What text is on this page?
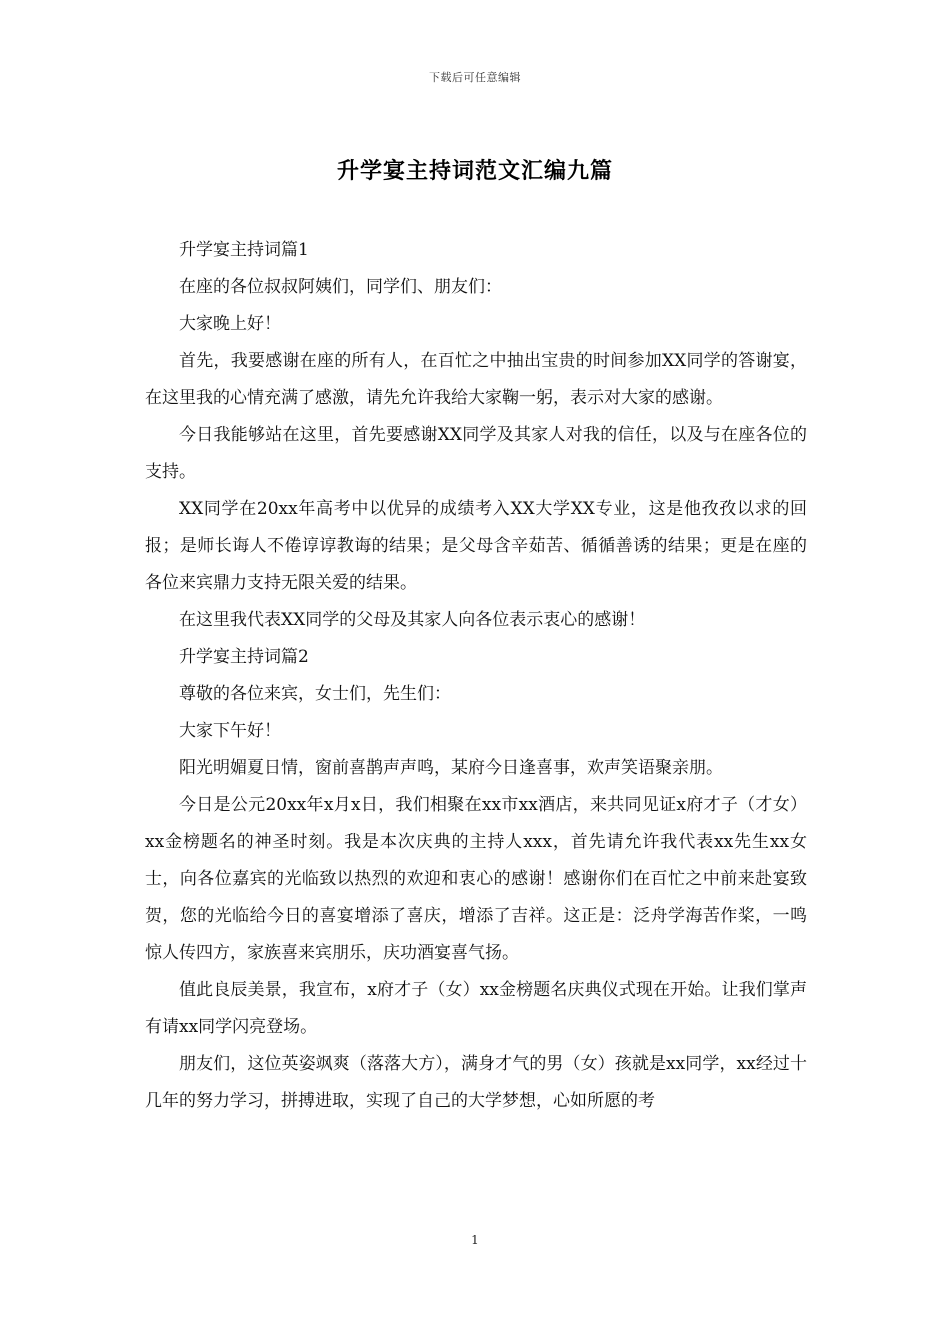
下载后可任意编辑
升学宴主持词范文汇编九篇

升学宴主持词篇1

在座的各位叔叔阿姨们，同学们、朋友们：

大家晚上好！

首先，我要感谢在座的所有人，在百忙之中抽出宝贵的时间参加XX同学的答谢宴，在这里我的心情充满了感激，请先允许我给大家鞠一躬，表示对大家的感谢。

今日我能够站在这里，首先要感谢XX同学及其家人对我的信任，以及与在座各位的支持。

XX同学在20xx年高考中以优异的成绩考入XX大学XX专业，这是他孜孜以求的回报；是师长诲人不倦谆谆教诲的结果；是父母含辛茹苦、循循善诱的结果；更是在座的各位来宾鼎力支持无限关爱的结果。

在这里我代表XX同学的父母及其家人向各位表示衷心的感谢！

升学宴主持词篇2

尊敬的各位来宾，女士们，先生们：

大家下午好！

阳光明媚夏日情，窗前喜鹊声声鸣，某府今日逢喜事，欢声笑语聚亲朋。

今日是公元20xx年x月x日，我们相聚在xx市xx酒店，来共同见证x府才子（才女）xx金榜题名的神圣时刻。我是本次庆典的主持人xxx，首先请允许我代表xx先生xx女士，向各位嘉宾的光临致以热烈的欢迎和衷心的感谢！感谢你们在百忙之中前来赴宴致贺，您的光临给今日的喜宴增添了喜庆，增添了吉祥。这正是：泛舟学海苦作桨，一鸣惊人传四方，家族喜来宾朋乐，庆功酒宴喜气扬。

值此良辰美景，我宣布，x府才子（女）xx金榜题名庆典仪式现在开始。让我们掌声有请xx同学闪亮登场。

朋友们，这位英姿飒爽（落落大方），满身才气的男（女）孩就是xx同学，xx经过十几年的努力学习，拼搏进取，实现了自己的大学梦想，心如所愿的考

1
